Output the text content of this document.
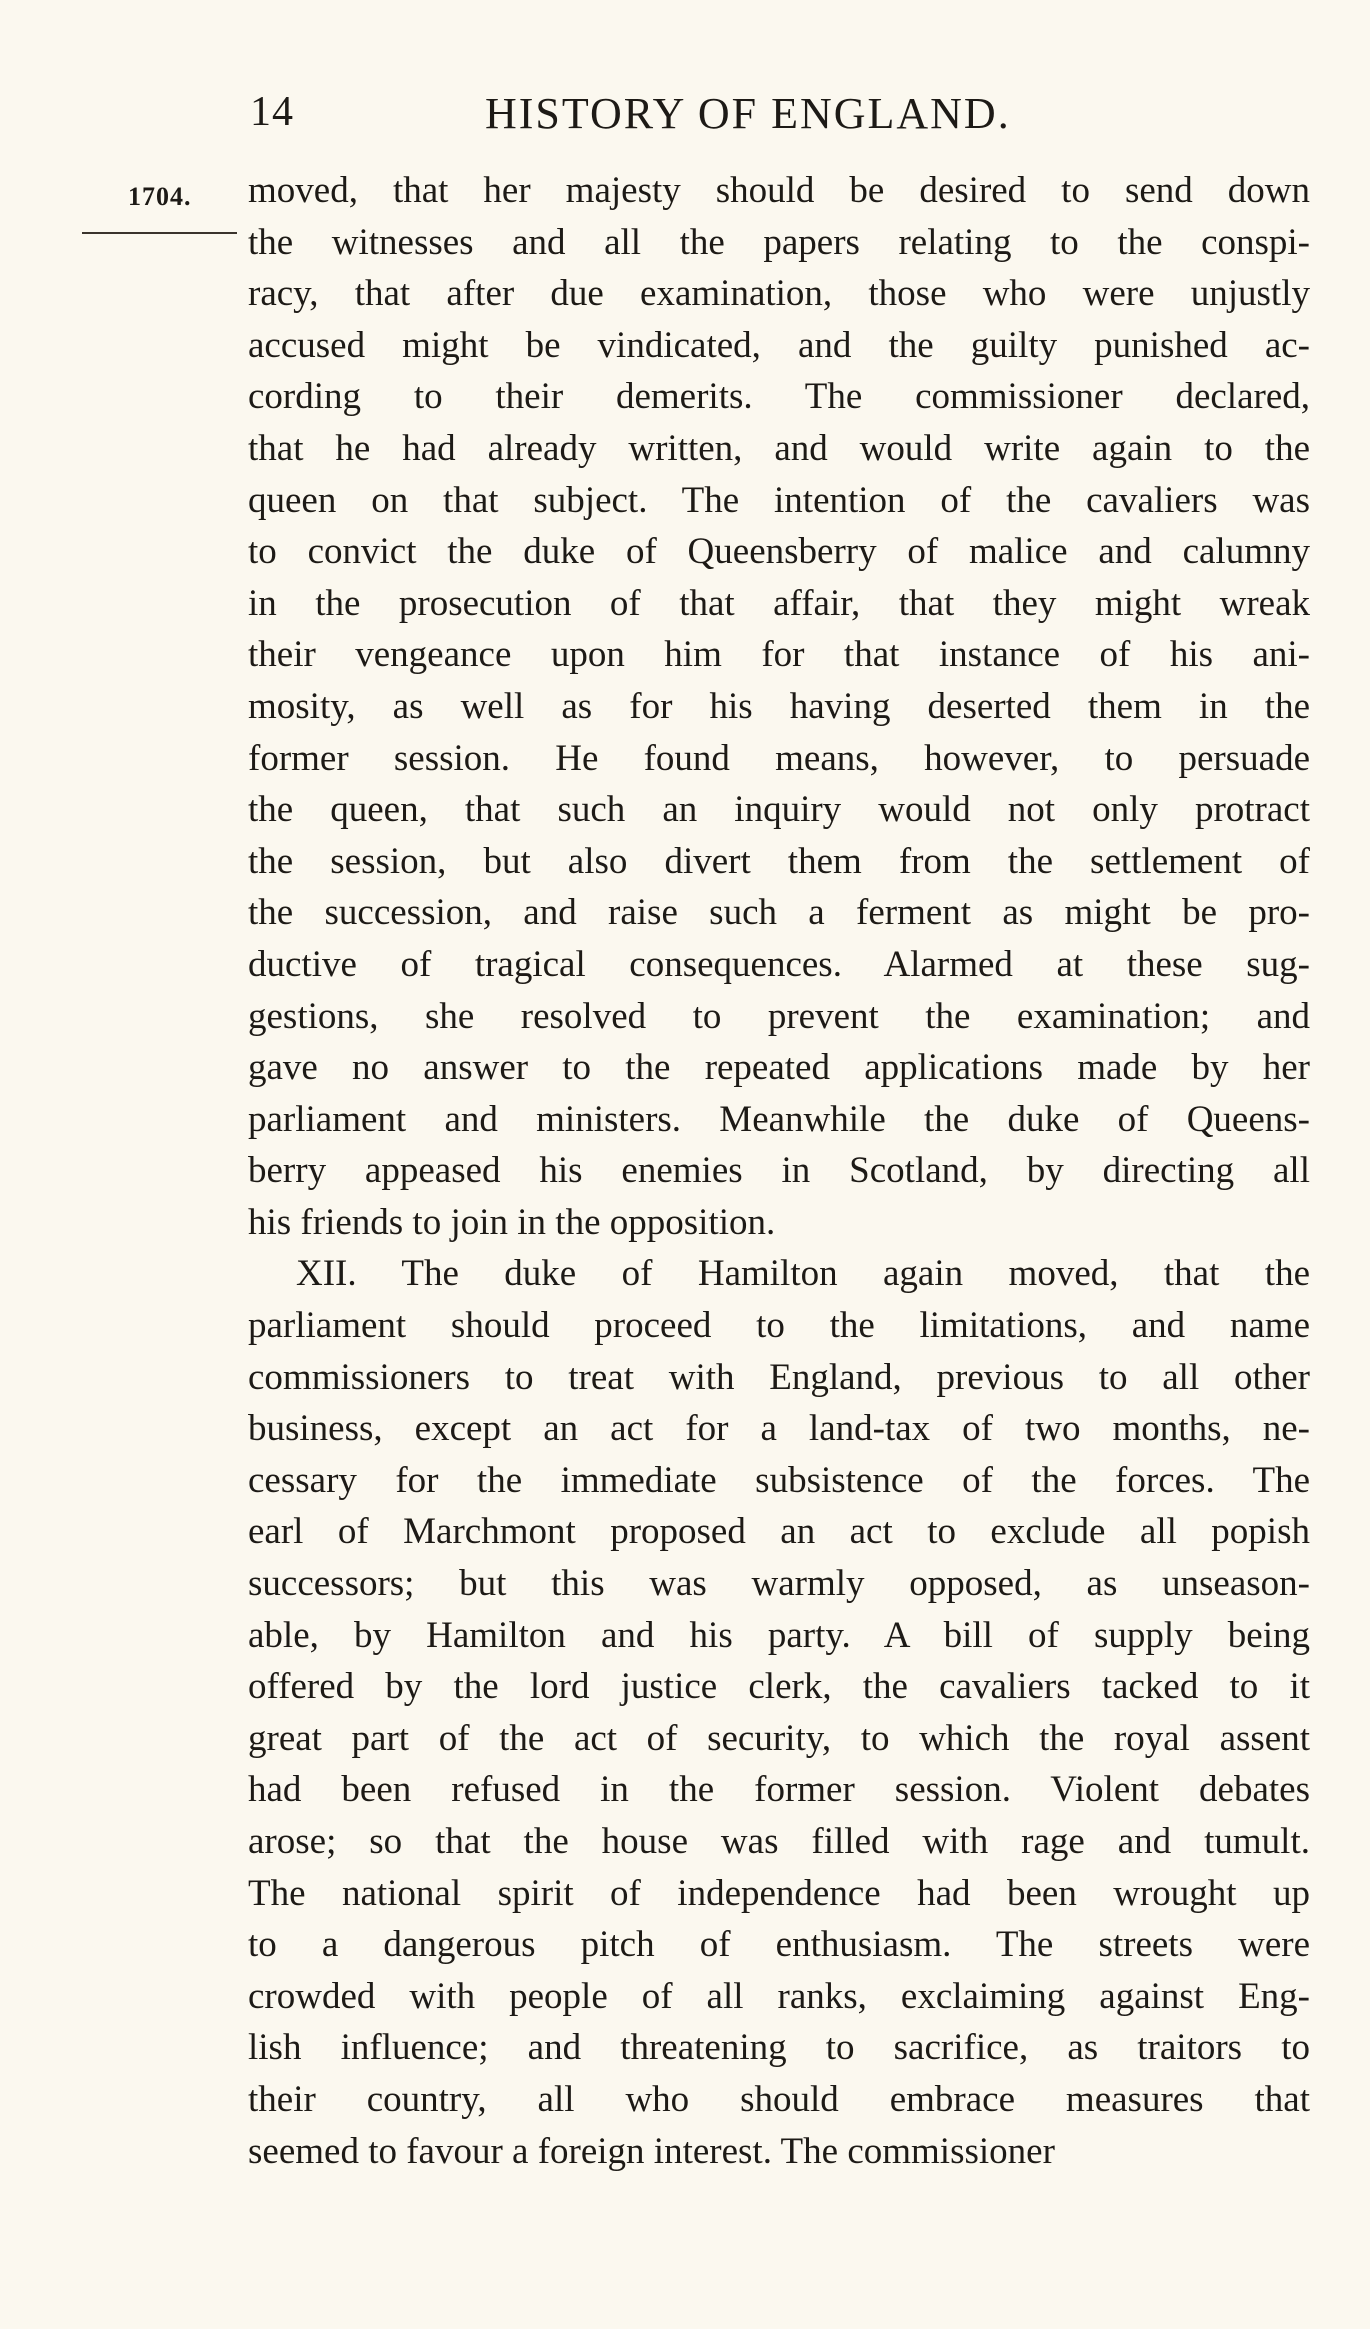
14	HISTORY OF ENGLAND.
1704. moved, that her majesty should be desired to send down
the witnesses and all the papers relating to the conspi-
racy, that after due examination, those who were unjustly
accused might be vindicated, and the guilty punished ac-
cording to their demerits. The commissioner declared,
that he had already written, and would write again to the
queen on that subject. The intention of the cavaliers was
to convict the duke of Queensberry of malice and calumny
in the prosecution of that affair, that they might wreak
their vengeance upon him for that instance of his ani-
mosity, as well as for his having deserted them in the
former session. He found means, however, to persuade
the queen, that such an inquiry would not only protract
the session, but also divert them from the settlement of
the succession, and raise such a ferment as might be pro-
ductive of tragical consequences. Alarmed at these sug-
gestions, she resolved to prevent the examination; and
gave no answer to the repeated applications made by her
parliament and ministers. Meanwhile the duke of Queens-
berry appeased his enemies in Scotland, by directing all
his friends to join in the opposition.
XII. The duke of Hamilton again moved, that the
parliament should proceed to the limitations, and name
commissioners to treat with England, previous to all other
business, except an act for a land-tax of two months, ne-
cessary for the immediate subsistence of the forces. The
earl of Marchmont proposed an act to exclude all popish
successors; but this was warmly opposed, as unseason-
able, by Hamilton and his party. A bill of supply being
offered by the lord justice clerk, the cavaliers tacked to it
great part of the act of security, to which the royal assent
had been refused in the former session. Violent debates
arose; so that the house was filled with rage and tumult.
The national spirit of independence had been wrought up
to a dangerous pitch of enthusiasm. The streets were
crowded with people of all ranks, exclaiming against Eng-
lish influence; and threatening to sacrifice, as traitors to
their country, all who should embrace measures that
seemed to favour a foreign interest. The commissioner
